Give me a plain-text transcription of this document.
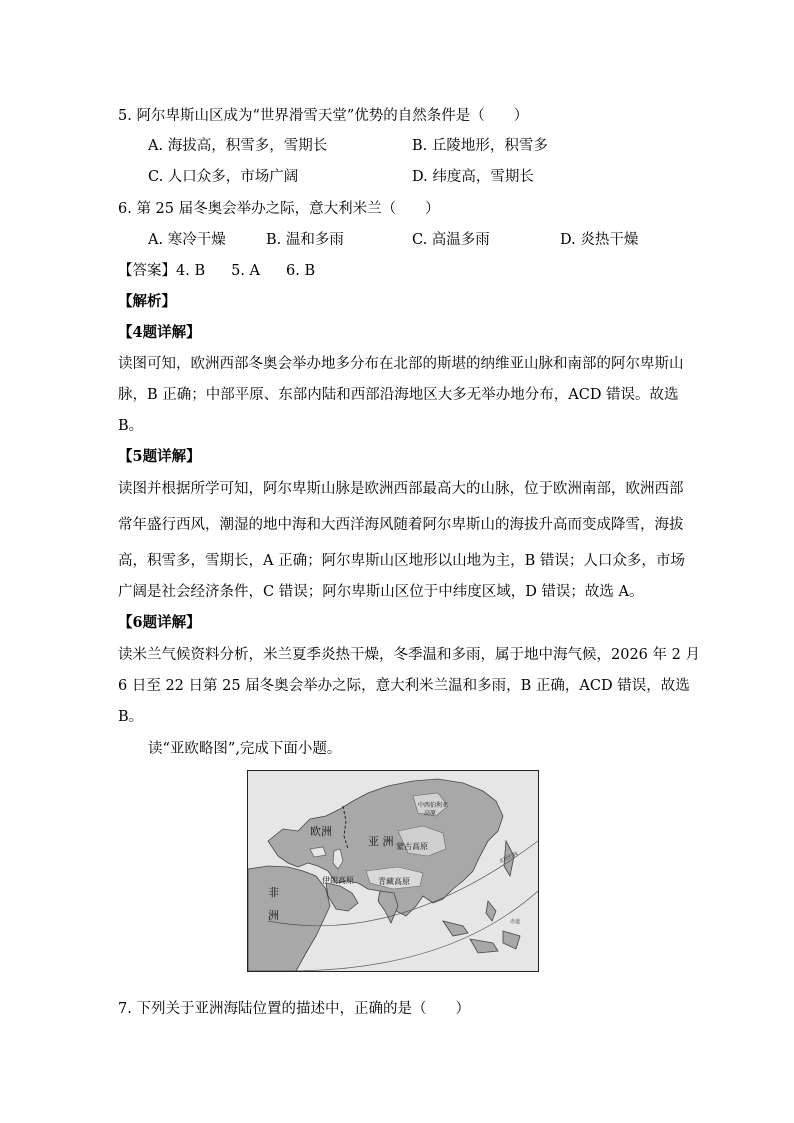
5. 阿尔卑斯山区成为“世界滑雪天堂”优势的自然条件是（　　）
A. 海拔高，积雪多，雪期长	B. 丘陵地形，积雪多
C. 人口众多，市场广阔	D. 纬度高，雪期长
6. 第 25 届冬奥会举办之际，意大利米兰（　　）
A. 寒冷干燥	B. 温和多雨	C. 高温多雨	D. 炎热干燥
【答案】4. B 5. A 6. B
【解析】
【4题详解】
读图可知，欧洲西部冬奥会举办地多分布在北部的斯堪的纳维亚山脉和南部的阿尔卑斯山
脉，B 正确；中部平原、东部内陆和西部沿海地区大多无举办地分布，ACD 错误。故选
B。
【5题详解】
读图并根据所学可知，阿尔卑斯山脉是欧洲西部最高大的山脉，位于欧洲南部，欧洲西部
常年盛行西风，潮湿的地中海和大西洋海风随着阿尔卑斯山的海拔升高而变成降雪，海拔
高，积雪多，雪期长，A 正确；阿尔卑斯山区地形以山地为主，B 错误；人口众多，市场
广阔是社会经济条件，C 错误；阿尔卑斯山区位于中纬度区域，D 错误；故选 A。
【6题详解】
读米兰气候资料分析，米兰夏季炎热干燥，冬季温和多雨，属于地中海气候，2026 年 2 月
6 日至 22 日第 25 届冬奥会举办之际，意大利米兰温和多雨，B 正确，ACD 错误，故选
B。
读“亚欧略图”,完成下面小题。
欧洲
亚 洲
非
洲
中西伯利亚
高原
蒙古高原
伊朗高原	青藏高原
北回归线
赤道
7. 下列关于亚洲海陆位置的描述中，正确的是（　　）
